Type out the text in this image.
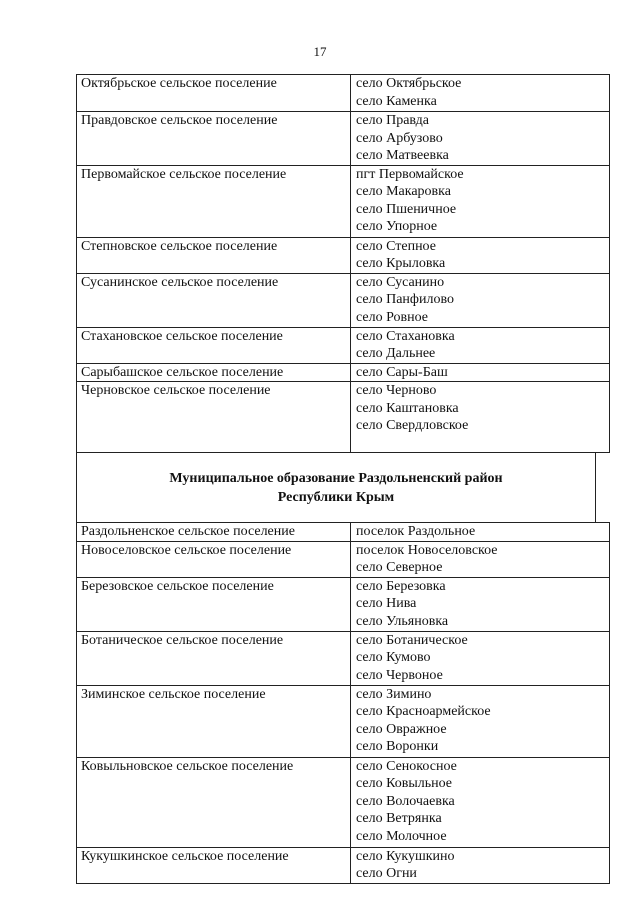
17
Октябрьское сельское поселение	село Октябрьское
село Каменка

Правдовское сельское поселение	село Правда
село Арбузово
село Матвеевка

Первомайское сельское поселение	пгт Первомайское
село Макаровка
село Пшеничное
село Упорное

Степновское сельское поселение	село Степное
село Крыловка

Сусанинское сельское поселение	село Сусанино
село Панфилово
село Ровное

Стахановское сельское поселение	село Стахановка
село Дальнее

Сарыбашское сельское поселение	село Сары-Баш

Черновское сельское поселение	село Черново
село Каштановка
село Свердловское
Муниципальное образование Раздольненский район
Республики Крым
Раздольненское сельское поселение	поселок Раздольное

Новоселовское сельское поселение	поселок Новоселовское
село Северное

Березовское сельское поселение	село Березовка
село Нива
село Ульяновка

Ботаническое сельское поселение	село Ботаническое
село Кумово
село Червоное

Зиминское сельское поселение	село Зимино
село Красноармейское
село Овражное
село Воронки

Ковыльновское сельское поселение	село Сенокосное
село Ковыльное
село Волочаевка
село Ветрянка
село Молочное

Кукушкинское сельское поселение	село Кукушкино
село Огни
